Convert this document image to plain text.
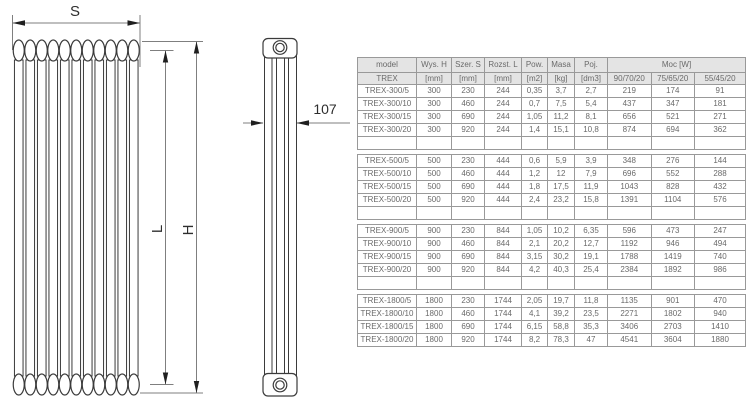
S
L H
107
model	Wys. H	Szer. S	Rozst. L	Pow.	Masa	Poj.	Moc [W]		
TREX	[mm]	[mm]	[mm]	[m2]	[kg]	[dm3]	90/70/20	75/65/20	55/45/20
TREX-300/5	300	230	244	0,35	3,7	2,7	219	174	91
TREX-300/10	300	460	244	0,7	7,5	5,4	437	347	181
TREX-300/15	300	690	244	1,05	11,2	8,1	656	521	271
TREX-300/20	300	920	244	1,4	15,1	10,8	874	694	362

TREX-500/5	500	230	444	0,6	5,9	3,9	348	276	144
TREX-500/10	500	460	444	1,2	12	7,9	696	552	288
TREX-500/15	500	690	444	1,8	17,5	11,9	1043	828	432
TREX-500/20	500	920	444	2,4	23,2	15,8	1391	1104	576

TREX-900/5	900	230	844	1,05	10,2	6,35	596	473	247
TREX-900/10	900	460	844	2,1	20,2	12,7	1192	946	494
TREX-900/15	900	690	844	3,15	30,2	19,1	1788	1419	740
TREX-900/20	900	920	844	4,2	40,3	25,4	2384	1892	986

TREX-1800/5	1800	230	1744	2,05	19,7	11,8	1135	901	470
TREX-1800/10	1800	460	1744	4,1	39,2	23,5	2271	1802	940
TREX-1800/15	1800	690	1744	6,15	58,8	35,3	3406	2703	1410
TREX-1800/20	1800	920	1744	8,2	78,3	47	4541	3604	1880
